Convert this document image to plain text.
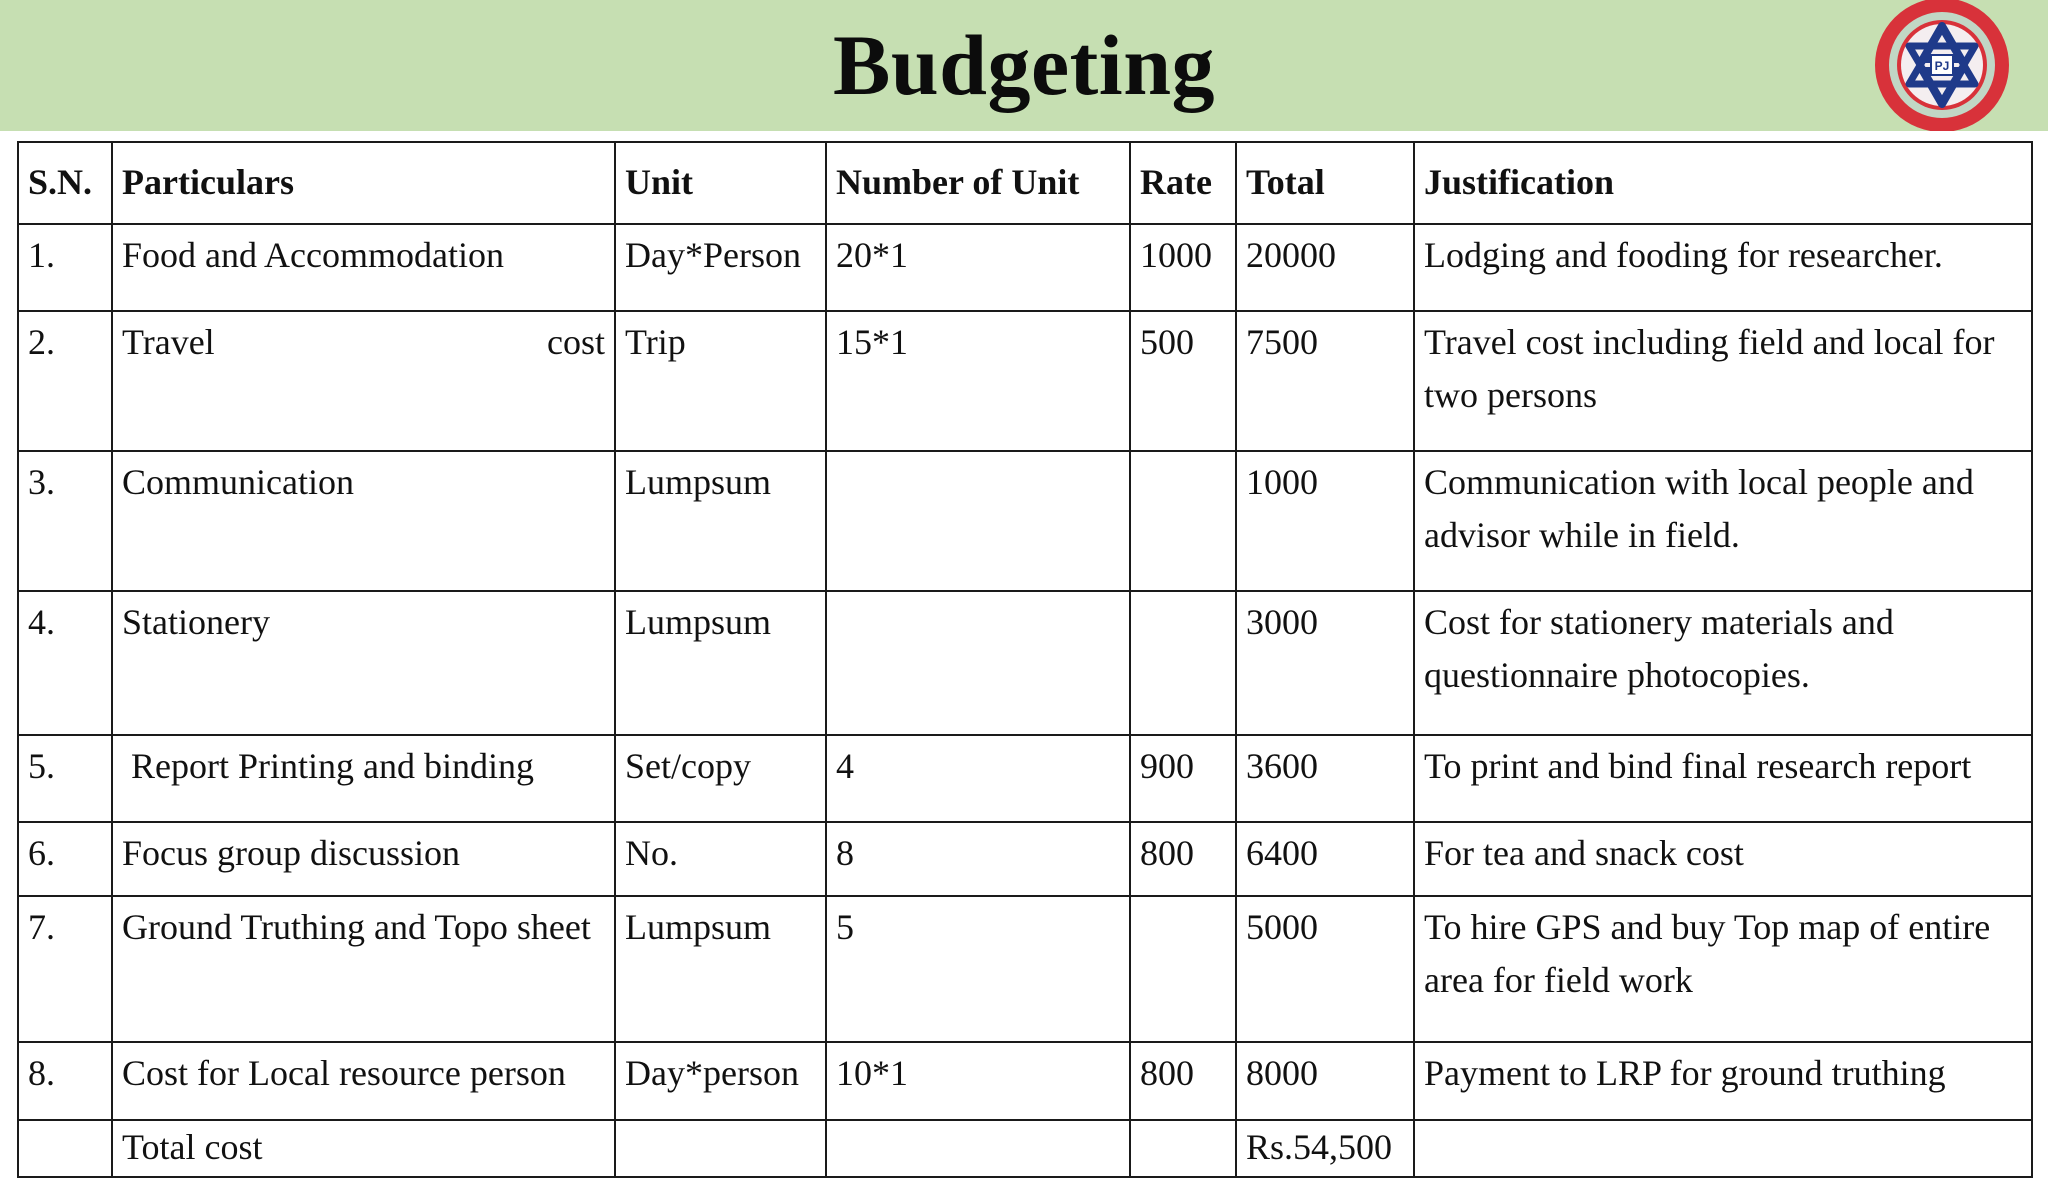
Budgeting	PJ
S.N.	Particulars	Unit	Number of Unit	Rate	Total	Justification
1.	Food and Accommodation	Day*Person	20*1	1000	20000	Lodging and fooding for researcher.
2.	Travel cost	Trip	15*1	500	7500	Travel cost including field and local for two persons
3.	Communication	Lumpsum			1000	Communication with local people and advisor while in field.
4.	Stationery	Lumpsum			3000	Cost for stationery materials and questionnaire photocopies.
5.	Report Printing and binding	Set/copy	4	900	3600	To print and bind final research report
6.	Focus group discussion	No.	8	800	6400	For tea and snack cost
7.	Ground Truthing and Topo sheet	Lumpsum	5		5000	To hire GPS and buy Top map of entire area for field work
8.	Cost for Local resource person	Day*person	10*1	800	8000	Payment to LRP for ground truthing
	Total cost				Rs.54,500	
